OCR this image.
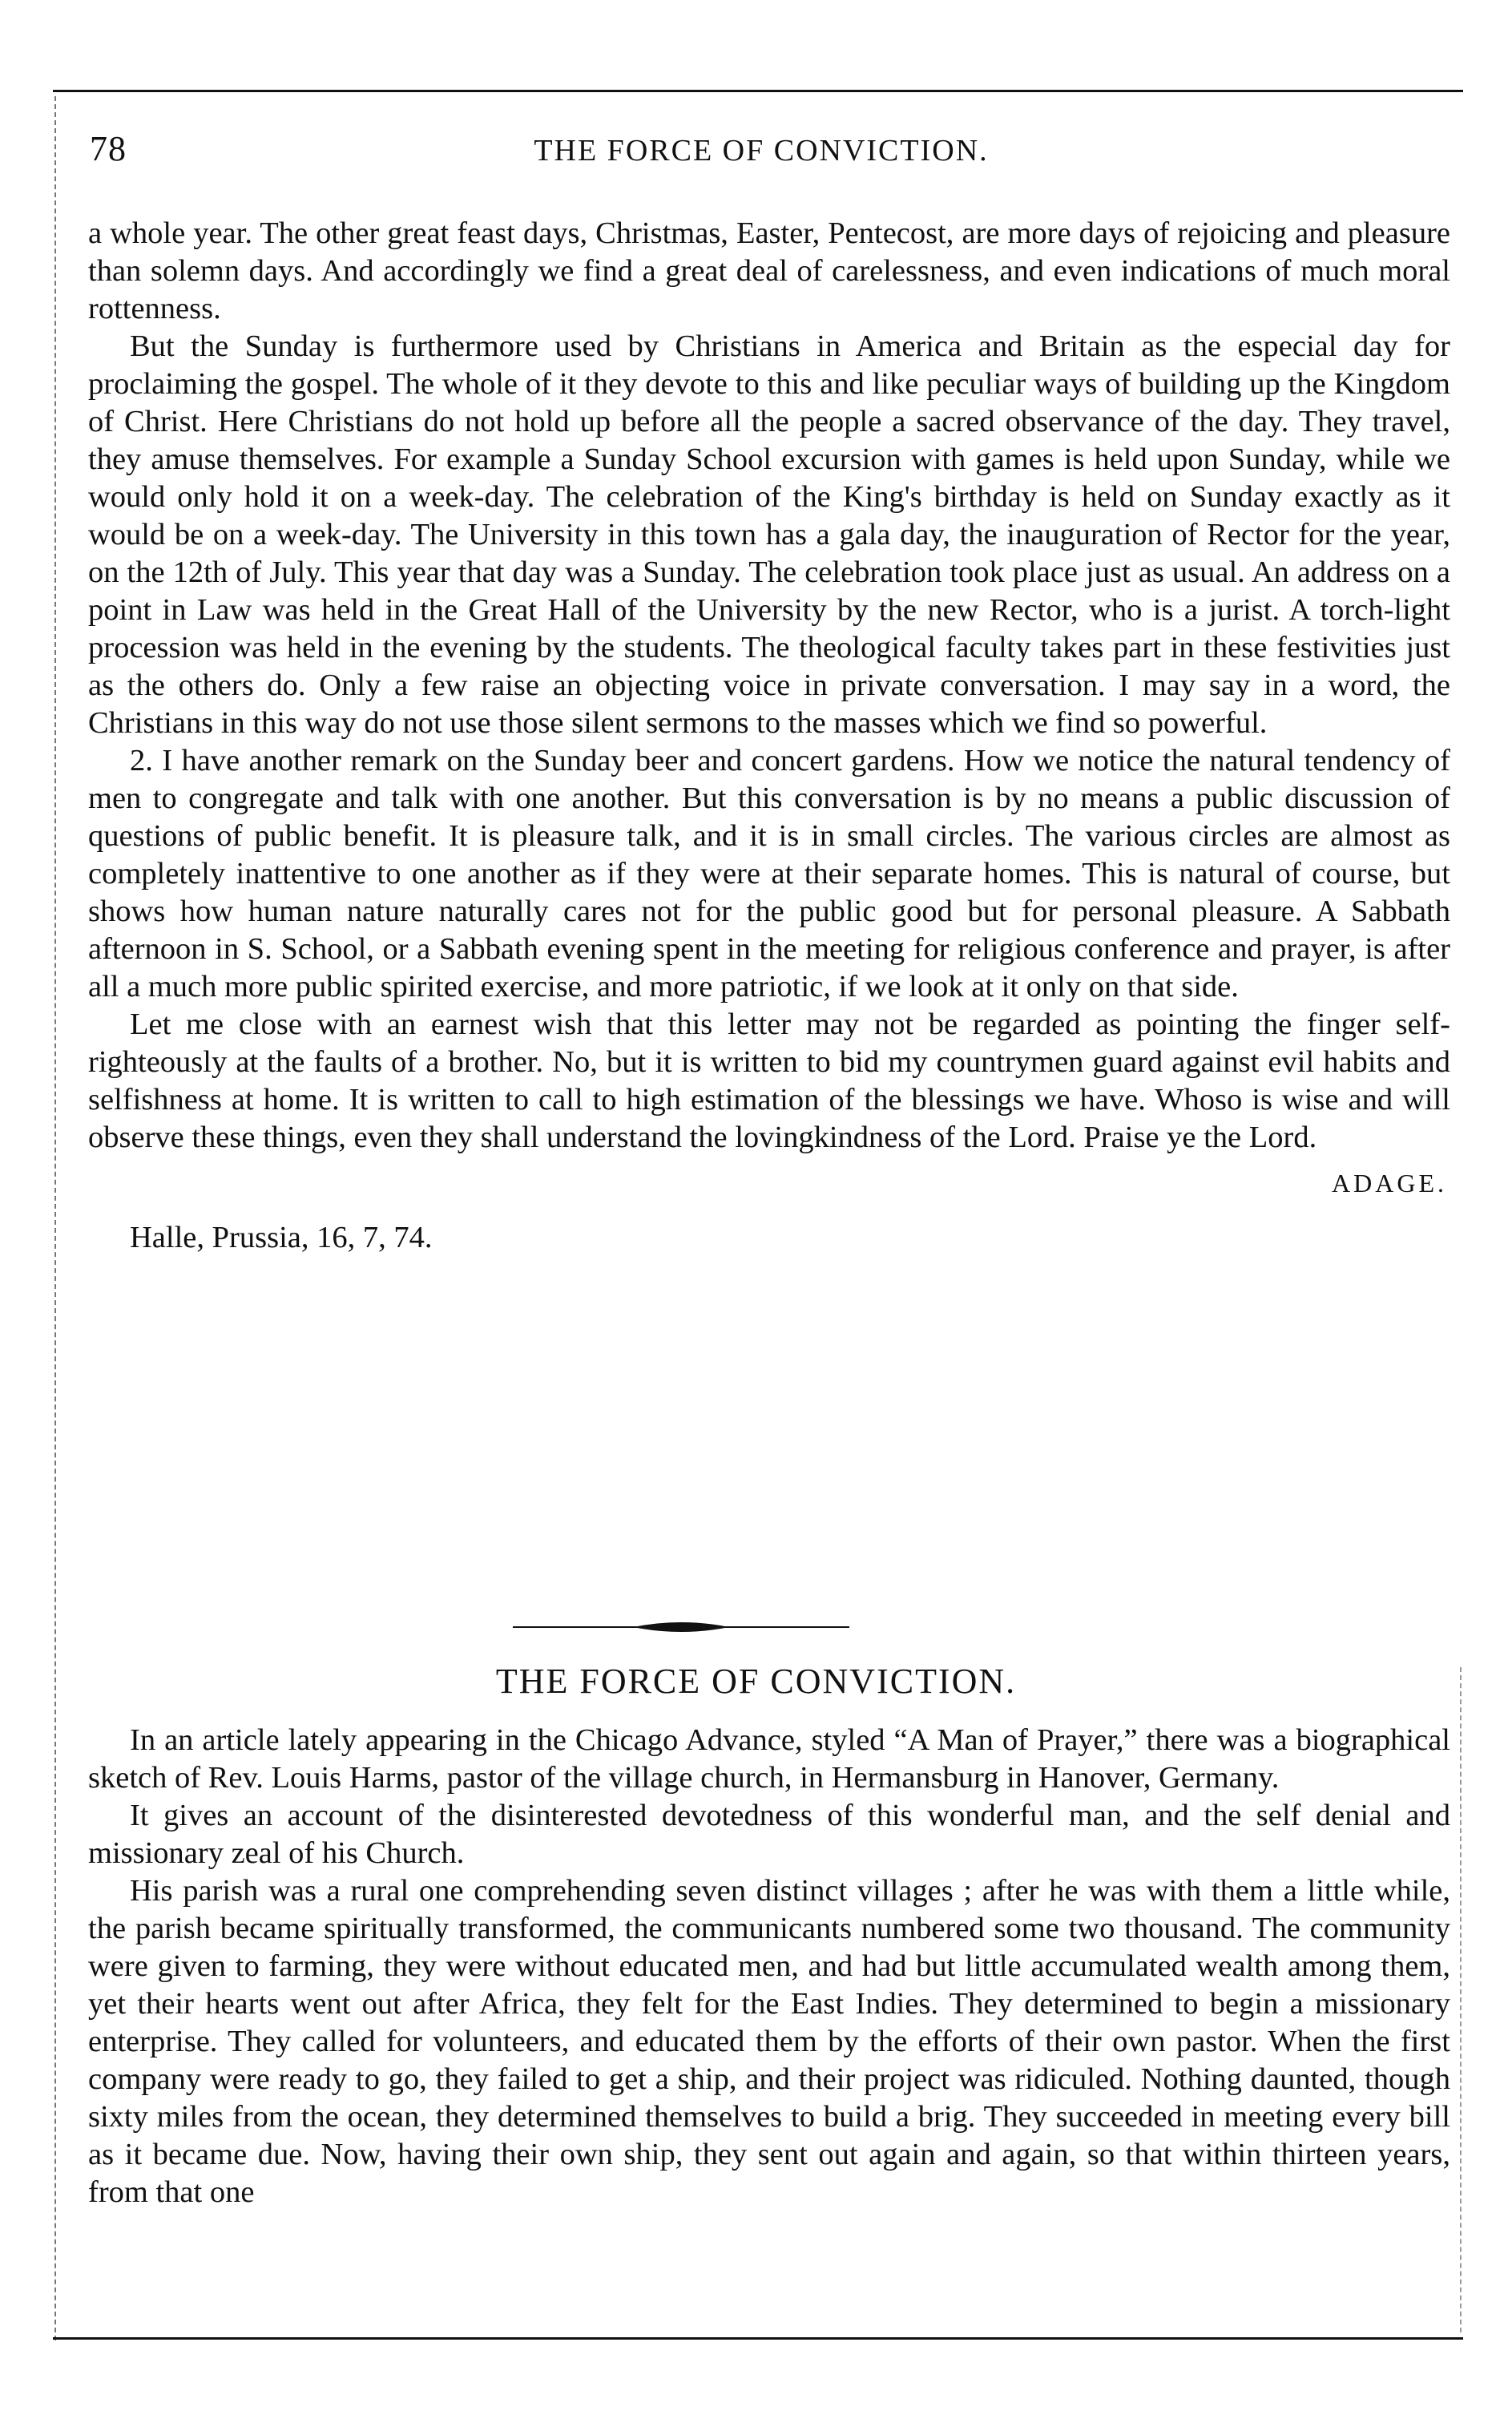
78	THE FORCE OF CONVICTION.

a whole year. The other great feast days, Christmas, Easter, Pentecost, are more days of rejoicing and pleasure than solemn days. And accordingly we find a great deal of carelessness, and even indications of much moral rottenness.

But the Sunday is furthermore used by Christians in America and Britain as the especial day for proclaiming the gospel. The whole of it they devote to this and like peculiar ways of building up the Kingdom of Christ. Here Christians do not hold up before all the people a sacred observance of the day. They travel, they amuse themselves. For example a Sunday School excursion with games is held upon Sunday, while we would only hold it on a week-day. The celebration of the King's birthday is held on Sunday exactly as it would be on a week-day. The University in this town has a gala day, the inauguration of Rector for the year, on the 12th of July. This year that day was a Sunday. The celebration took place just as usual. An address on a point in Law was held in the Great Hall of the University by the new Rector, who is a jurist. A torch-light procession was held in the evening by the students. The theological faculty takes part in these festivities just as the others do. Only a few raise an objecting voice in private conversation. I may say in a word, the Christians in this way do not use those silent sermons to the masses which we find so powerful.

2. I have another remark on the Sunday beer and concert gardens. How we notice the natural tendency of men to congregate and talk with one another. But this conversation is by no means a public discussion of questions of public benefit. It is pleasure talk, and it is in small circles. The various circles are almost as completely inattentive to one another as if they were at their separate homes. This is natural of course, but shows how human nature naturally cares not for the public good but for personal pleasure. A Sabbath afternoon in S. School, or a Sabbath evening spent in the meeting for religious conference and prayer, is after all a much more public spirited exercise, and more patriotic, if we look at it only on that side.

Let me close with an earnest wish that this letter may not be regarded as pointing the finger self-righteously at the faults of a brother. No, but it is written to bid my countrymen guard against evil habits and selfishness at home. It is written to call to high estimation of the blessings we have. Whoso is wise and will observe these things, even they shall understand the lovingkindness of the Lord. Praise ye the Lord.

ADAGE.
Halle, Prussia, 16, 7, 74.
THE FORCE OF CONVICTION.

In an article lately appearing in the Chicago Advance, styled “A Man of Prayer,” there was a biographical sketch of Rev. Louis Harms, pastor of the village church, in Hermansburg in Hanover, Germany.

It gives an account of the disinterested devotedness of this wonderful man, and the self denial and missionary zeal of his Church.

His parish was a rural one comprehending seven distinct villages ; after he was with them a little while, the parish became spiritually transformed, the communicants numbered some two thousand. The community were given to farming, they were without educated men, and had but little accumulated wealth among them, yet their hearts went out after Africa, they felt for the East Indies. They determined to begin a missionary enterprise. They called for volunteers, and educated them by the efforts of their own pastor. When the first company were ready to go, they failed to get a ship, and their project was ridiculed. Nothing daunted, though sixty miles from the ocean, they determined themselves to build a brig. They succeeded in meeting every bill as it became due. Now, having their own ship, they sent out again and again, so that within thirteen years, from that one
